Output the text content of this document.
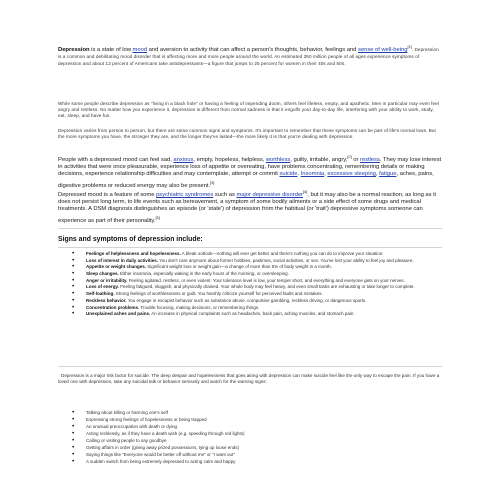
Depression is a state of low mood and aversion to activity that can affect a person's thoughts, behavior, feelings and sense of well-being[1]. Depression is a common and debilitating mood disorder that is affecting more and more people around the world. An estimated 350 million people of all ages experience symptoms of depression and about 13 percent of Americans take antidepressants—a figure that jumps to 25 percent for women in their 40s and 50s.

While some people describe depression as "living in a black hole" or having a feeling of impending doom, others feel lifeless, empty, and apathetic. Men in particular may even feel angry and restless. No matter how you experience it, depression is different from normal sadness in that it engulfs your day-to-day life, interfering with your ability to work, study, eat, sleep, and have fun.

Depression varies from person to person, but there are some common signs and symptoms. It's important to remember that these symptoms can be part of life's normal lows. But the more symptoms you have, the stronger they are, and the longer they've lasted—the more likely it is that you're dealing with depression.

People with a depressed mood can feel sad, anxious, empty, hopeless, helpless, worthless, guilty, irritable, angry,[2] or restless. They may lose interest in activities that were once pleasurable, experience loss of appetite or overeating, have problems concentrating, remembering details or making decisions, experience relationship difficulties and may contemplate, attempt or commit suicide. Insomnia, excessive sleeping, fatigue, aches, pains, digestive problems or reduced energy may also be present.[3]

Depressed mood is a feature of some psychiatric syndromes such as major depressive disorder[4], but it may also be a normal reaction, as long as it does not persist long term, to life events such as bereavement, a symptom of some bodily ailments or a side effect of some drugs and medical treatments. A DSM diagnosis distinguishes an episode (or 'state') of depression from the habitual (or 'trait') depressive symptoms someone can experience as part of their personality.[5]

Signs and symptoms of depression include:
• Feelings of helplessness and hopelessness. A bleak outlook—nothing will ever get better and there's nothing you can do to improve your situation.
• Loss of interest in daily activities. You don't care anymore about former hobbies, pastimes, social activities, or sex. You've lost your ability to feel joy and pleasure.
• Appetite or weight changes. Significant weight loss or weight gain—a change of more than 5% of body weight in a month.
• Sleep changes. Either insomnia, especially waking in the early hours of the morning, or oversleeping.
• Anger or irritability. Feeling agitated, restless, or even violent. Your tolerance level is low, your temper short, and everything and everyone gets on your nerves.
• Loss of energy. Feeling fatigued, sluggish, and physically drained. Your whole body may feel heavy, and even small tasks are exhausting or take longer to complete.
• Self-loathing. Strong feelings of worthlessness or guilt. You harshly criticize yourself for perceived faults and mistakes.
• Reckless behavior. You engage in escapist behavior such as substance abuse, compulsive gambling, reckless driving, or dangerous sports.
• Concentration problems. Trouble focusing, making decisions, or remembering things.
• Unexplained aches and pains. An increase in physical complaints such as headaches, back pain, aching muscles, and stomach pain.

Depression is a major risk factor for suicide. The deep despair and hopelessness that goes along with depression can make suicide feel like the only way to escape the pain. If you have a loved one with depression, take any suicidal talk or behavior seriously and watch for the warning signs:

• Talking about killing or harming one's self
• Expressing strong feelings of hopelessness or being trapped
• An unusual preoccupation with death or dying
• Acting recklessly, as if they have a death wish (e.g. speeding through red lights)
• Calling or visiting people to say goodbye
• Getting affairs in order (giving away prized possessions, tying up loose ends)
• Saying things like "Everyone would be better off without me" or "I want out"
• A sudden switch from being extremely depressed to acting calm and happy
